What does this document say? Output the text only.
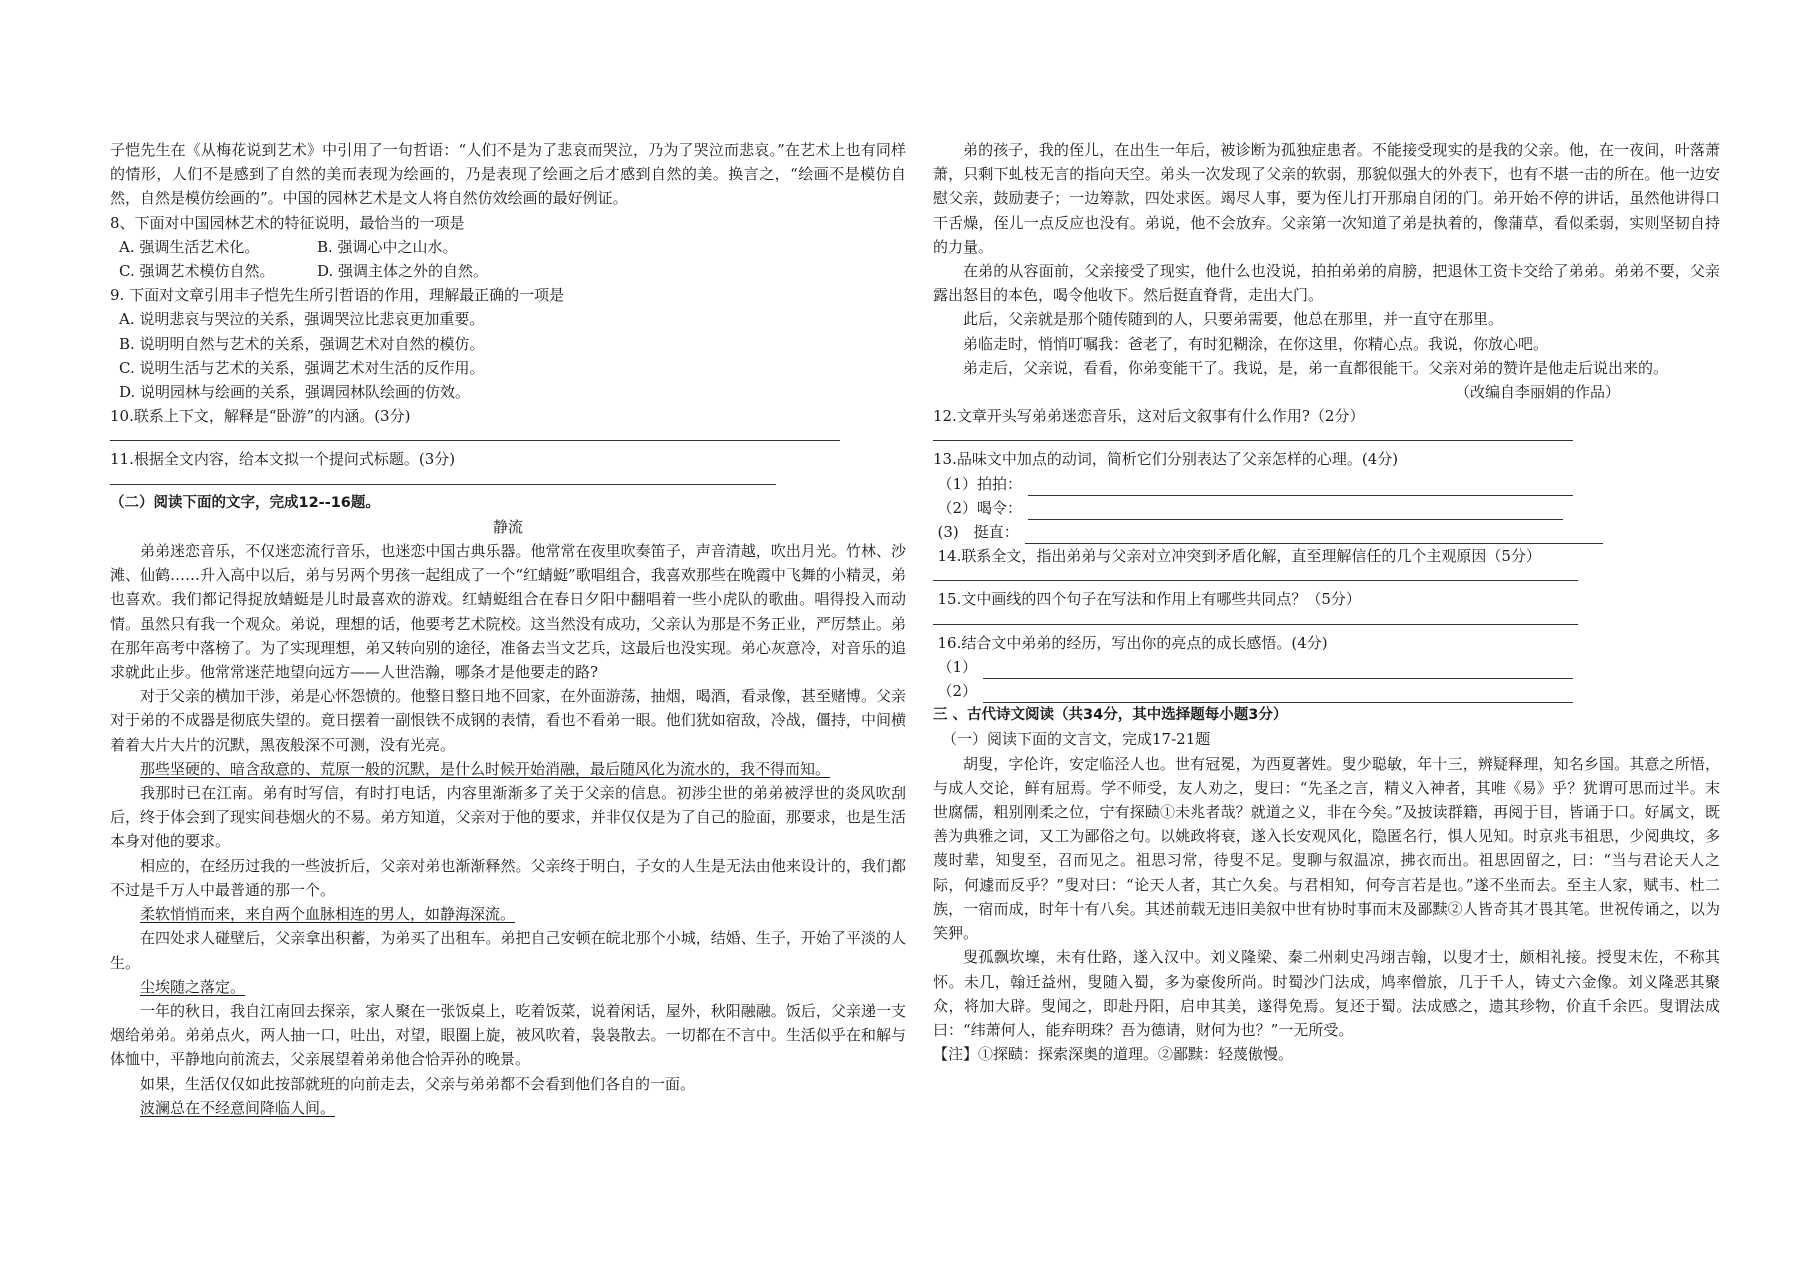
子恺先生在《从梅花说到艺术》中引用了一句哲语：“人们不是为了悲哀而哭泣，乃为了哭泣而悲哀。”在艺术上也有同样的情形，人们不是感到了自然的美而表现为绘画的，乃是表现了绘画之后才感到自然的美。换言之，“绘画不是模仿自然，自然是模仿绘画的”。中国的园林艺术是文人将自然仿效绘画的最好例证。

8、下面对中国园林艺术的特征说明，最恰当的一项是

A. 强调生活艺术化。	B. 强调心中之山水。
C. 强调艺术模仿自然。	D. 强调主体之外的自然。

9. 下面对文章引用丰子恺先生所引哲语的作用，理解最正确的一项是

A. 说明悲哀与哭泣的关系，强调哭泣比悲哀更加重要。

B. 说明明自然与艺术的关系，强调艺术对自然的模仿。

C. 说明生活与艺术的关系，强调艺术对生活的反作用。

D. 说明园林与绘画的关系，强调园林队绘画的仿效。

10.联系上下文，解释是“卧游”的内涵。(3分)

11.根据全文内容，给本文拟一个提问式标题。(3分)

（二）阅读下面的文字，完成12--16题。

静流

弟弟迷恋音乐，不仅迷恋流行音乐，也迷恋中国古典乐器。他常常在夜里吹奏笛子，声音清越，吹出月光。竹林、沙滩、仙鹤……升入高中以后，弟与另两个男孩一起组成了一个“红蜻蜓”歌唱组合，我喜欢那些在晚霞中飞舞的小精灵，弟也喜欢。我们都记得捉放蜻蜓是儿时最喜欢的游戏。红蜻蜓组合在春日夕阳中翻唱着一些小虎队的歌曲。唱得投入而动情。虽然只有我一个观众。弟说，理想的话，他要考艺术院校。这当然没有成功，父亲认为那是不务正业，严厉禁止。弟在那年高考中落榜了。为了实现理想，弟又转向别的途径，准备去当文艺兵，这最后也没实现。弟心灰意冷，对音乐的追求就此止步。他常常迷茫地望向远方——人世浩瀚，哪条才是他要走的路?

对于父亲的横加干涉，弟是心怀怨愤的。他整日整日地不回家，在外面游荡，抽烟，喝酒，看录像，甚至赌博。父亲对于弟的不成器是彻底失望的。竟日摆着一副恨铁不成钢的表情，看也不看弟一眼。他们犹如宿敌，冷战，僵持，中间横着着大片大片的沉默，黑夜般深不可测，没有光亮。

那些坚硬的、暗含敌意的、荒原一般的沉默，是什么时候开始消融，最后随风化为流水的，我不得而知。

我那时已在江南。弟有时写信，有时打电话，内容里渐渐多了关于父亲的信息。初涉尘世的弟弟被浮世的炎风吹刮后，终于体会到了现实间巷烟火的不易。弟方知道，父亲对于他的要求，并非仅仅是为了自己的脸面，那要求，也是生活本身对他的要求。

相应的，在经历过我的一些波折后，父亲对弟也渐渐释然。父亲终于明白，子女的人生是无法由他来设计的，我们都不过是千万人中最普通的那一个。

柔软悄悄而来，来自两个血脉相连的男人，如静海深流。

在四处求人碰壁后，父亲拿出积蓄，为弟买了出租车。弟把自己安顿在皖北那个小城，结婚、生子，开始了平淡的人生。

尘埃随之落定。

一年的秋日，我自江南回去探亲，家人聚在一张饭桌上，吃着饭菜，说着闲话，屋外，秋阳融融。饭后，父亲递一支烟给弟弟。弟弟点火，两人抽一口，吐出，对望，眼圈上旋，被风吹着，袅袅散去。一切都在不言中。生活似乎在和解与体恤中，平静地向前流去，父亲展望着弟弟他合恰弄孙的晚景。

如果，生活仅仅如此按部就班的向前走去，父亲与弟弟都不会看到他们各自的一面。

波澜总在不经意间降临人间。

弟的孩子，我的侄儿，在出生一年后，被诊断为孤独症患者。不能接受现实的是我的父亲。他，在一夜间，叶落萧萧，只剩下虬枝无言的指向天空。弟头一次发现了父亲的软弱，那貌似强大的外表下，也有不堪一击的所在。他一边安慰父亲，鼓励妻子；一边筹款，四处求医。竭尽人事，要为侄儿打开那扇自闭的门。弟开始不停的讲话，虽然他讲得口干舌燥，侄儿一点反应也没有。弟说，他不会放弃。父亲第一次知道了弟是执着的，像蒲草，看似柔弱，实则坚韧自持的力量。

在弟的从容面前，父亲接受了现实，他什么也没说，拍拍弟弟的肩膀，把退休工资卡交给了弟弟。弟弟不要，父亲露出怒目的本色，喝令他收下。然后挺直脊背，走出大门。

此后，父亲就是那个随传随到的人，只要弟需要，他总在那里，并一直守在那里。

弟临走时，悄悄叮嘱我：爸老了，有时犯糊涂，在你这里，你精心点。我说，你放心吧。

弟走后，父亲说，看看，你弟变能干了。我说，是，弟一直都很能干。父亲对弟的赞许是他走后说出来的。

（改编自李丽娟的作品）

12.文章开头写弟弟迷恋音乐，这对后文叙事有什么作用?（2分）

13.品味文中加点的动词，简析它们分别表达了父亲怎样的心理。(4分)

（1）拍拍：
（2）喝令：
(3)　挺直：

14.联系全文，指出弟弟与父亲对立冲突到矛盾化解，直至理解信任的几个主观原因（5分）

15.文中画线的四个句子在写法和作用上有哪些共同点？（5分）

16.结合文中弟弟的经历，写出你的亮点的成长感悟。(4分)

（1）
（2）

三 、古代诗文阅读（共34分，其中选择题每小题3分）

（一）阅读下面的文言文，完成17-21题

胡叟，字伦许，安定临泾人也。世有冠冕，为西夏著姓。叟少聪敏，年十三，辨疑释理，知名乡国。其意之所悟，与成人交论，鲜有屈焉。学不师受，友人劝之，叟曰：“先圣之言，精义入神者，其唯《易》乎？犹谓可思而过半。末世腐儒，粗别刚柔之位，宁有探赜①未兆者哉？就道之义，非在今矣。”及披读群籍，再阅于目，皆诵于口。好属文，既善为典雅之词，又工为鄙俗之句。以姚政将衰，遂入长安观风化，隐匿名行，惧人见知。时京兆韦祖思，少阅典坟，多蔑时辈，知叟至，召而见之。祖思习常，待叟不足。叟聊与叙温凉，拂衣而出。祖思固留之，曰：“当与君论天人之际，何遽而反乎？”叟对曰：“论天人者，其亡久矣。与君相知，何夸言若是也。”遂不坐而去。至主人家，赋韦、杜二族，一宿而成，时年十有八矣。其述前载无违旧美叙中世有协时事而末及鄙黩②人皆奇其才畏其笔。世祝传诵之，以为笑狎。

叟孤飘坎壈，未有仕路，遂入汉中。刘义隆梁、秦二州刺史冯翊吉翰，以叟才士，颇相礼接。授叟末佐，不称其怀。未几，翰迁益州，叟随入蜀，多为豪俊所尚。时蜀沙门法成，鸠率僧旅，几于千人，铸丈六金像。刘义隆恶其聚众，将加大辟。叟闻之，即赴丹阳，启申其美，遂得免焉。复还于蜀。法成感之，遗其珍物，价直千余匹。叟谓法成曰：“纬萧何人，能弃明珠？吾为德请，财何为也？”一无所受。

【注】①探赜：探索深奥的道理。②鄙黩：轻蔑傲慢。
